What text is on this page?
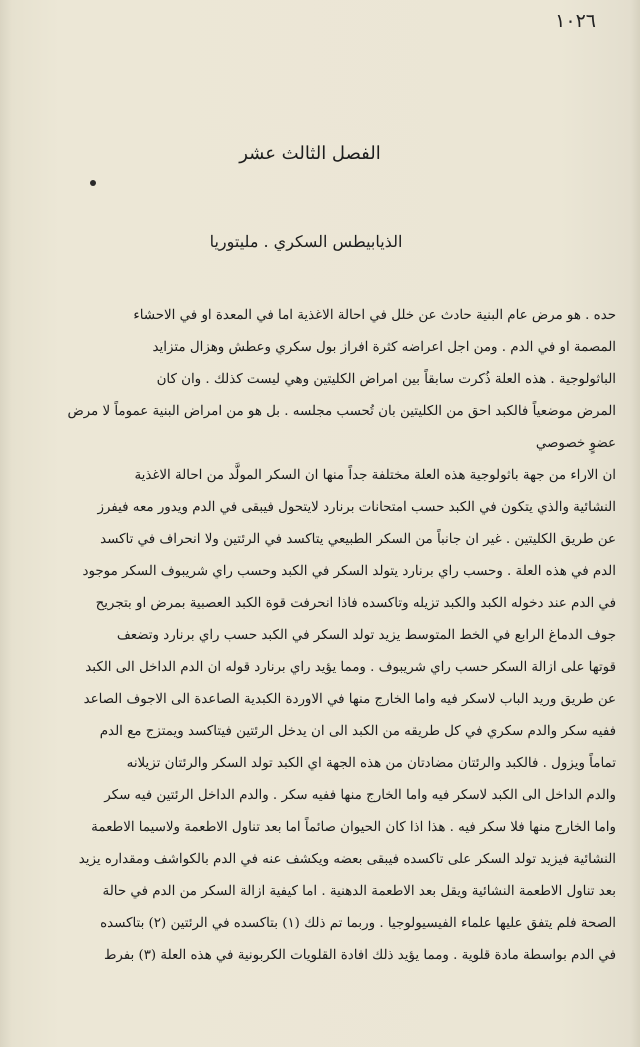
١٠٢٦
الفصل الثالث عشر
الذيابيطس السكري . مليتوريا
حده . هو مرض عام البنية حادث عن خلل في احالة الاغذية اما في المعدة او في الاحشاء
المصمة او في الدم . ومن اجل اعراضه كثرة افراز بول سكري وعطش وهزال متزايد
الباثولوجية . هذه العلة ذُكرت سابقاً بين امراض الكليتين وهي ليست كذلك . وان كان
المرض موضعياً فالكبد احق من الكليتين بان تُحسب مجلسه . بل هو من امراض البنية عموماً لا مرض
عضوٍ خصوصي
ان الاراء من جهة باثولوجية هذه العلة مختلفة جداً منها ان السكر المولَّد من احالة الاغذية
النشائية والذي يتكون في الكبد حسب امتحانات برنارد لايتحول فيبقى في الدم ويدور معه فيفرز
عن طريق الكليتين . غير ان جانباً من السكر الطبيعي يتاكسد في الرئتين ولا انحراف في تاكسد
الدم في هذه العلة . وحسب راي برنارد يتولد السكر في الكبد وحسب راي شريبوف السكر موجود
في الدم عند دخوله الكبد والكبد تزيله وتاكسده فاذا انحرفت قوة الكبد العصبية بمرض او بتجريح
جوف الدماغ الرابع في الخط المتوسط يزيد تولد السكر في الكبد حسب راي برنارد وتضعف
قوتها على ازالة السكر حسب راي شريبوف . ومما يؤيد راي برنارد قوله ان الدم الداخل الى الكبد
عن طريق وريد الباب لاسكر فيه واما الخارج منها في الاوردة الكبدية الصاعدة الى الاجوف الصاعد
ففيه سكر والدم سكري في كل طريقه من الكبد الى ان يدخل الرئتين فيتاكسد ويمتزج مع الدم
تماماً ويزول . فالكبد والرئتان مضادتان من هذه الجهة اي الكبد تولد السكر والرئتان تزيلانه
والدم الداخل الى الكبد لاسكر فيه واما الخارج منها ففيه سكر . والدم الداخل الرئتين فيه سكر
واما الخارج منها فلا سكر فيه . هذا اذا كان الحيوان صائماً اما بعد تناول الاطعمة ولاسيما الاطعمة
النشائية فيزيد تولد السكر على تاكسده فيبقى بعضه ويكشف عنه في الدم بالكواشف ومقداره يزيد
بعد تناول الاطعمة النشائية ويقل بعد الاطعمة الدهنية . اما كيفية ازالة السكر من الدم في حالة
الصحة فلم يتفق عليها علماء الفيسيولوجيا . وربما تم ذلك (١) بتاكسده في الرئتين (٢) بتاكسده
في الدم بواسطة مادة قلوية . ومما يؤيد ذلك افادة القلويات الكربونية في هذه العلة (٣) بفرط
